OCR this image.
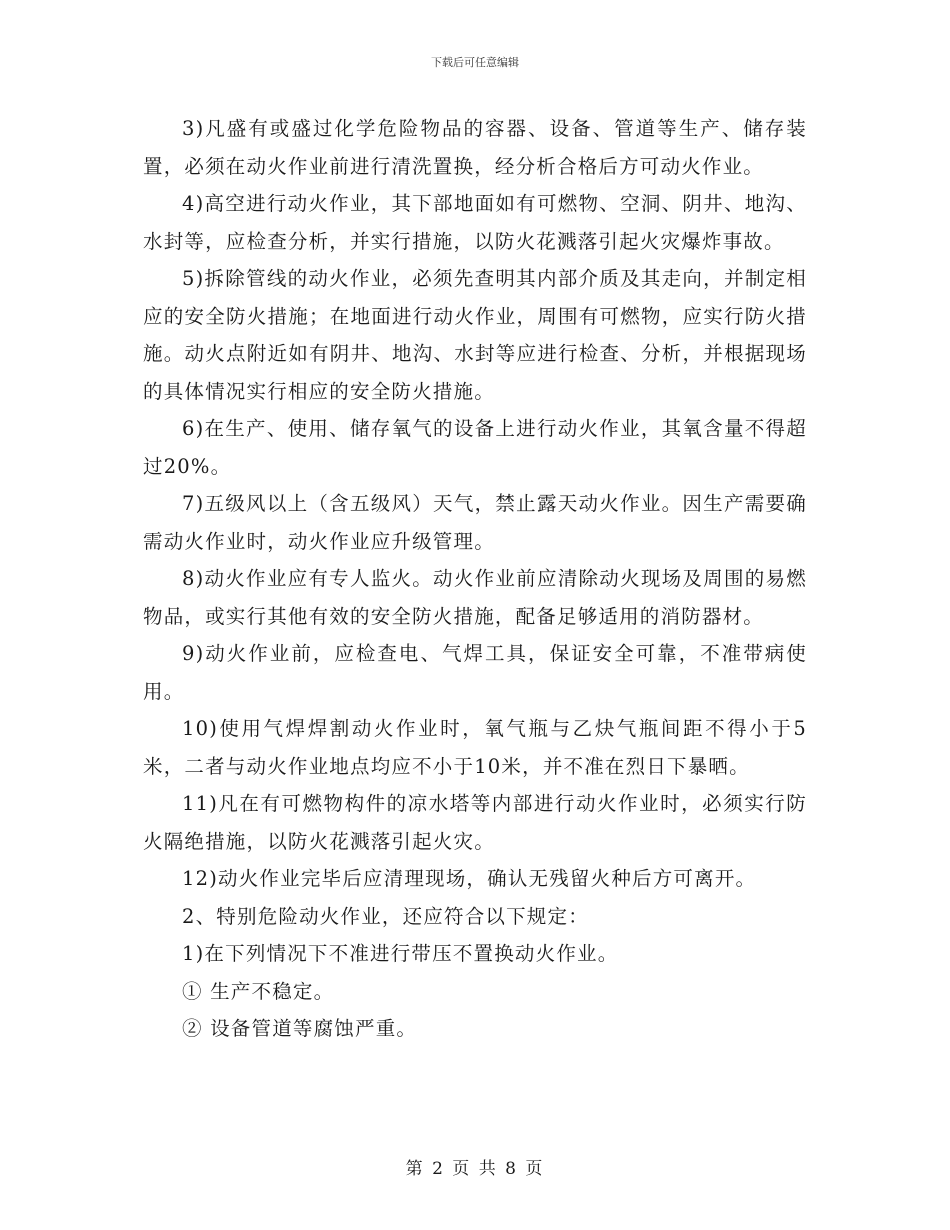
下载后可任意编辑

3)凡盛有或盛过化学危险物品的容器、设备、管道等生产、储存装置，必须在动火作业前进行清洗置换，经分析合格后方可动火作业。

4)高空进行动火作业，其下部地面如有可燃物、空洞、阴井、地沟、水封等，应检查分析，并实行措施，以防火花溅落引起火灾爆炸事故。

5)拆除管线的动火作业，必须先查明其内部介质及其走向，并制定相应的安全防火措施；在地面进行动火作业，周围有可燃物，应实行防火措施。动火点附近如有阴井、地沟、水封等应进行检查、分析，并根据现场的具体情况实行相应的安全防火措施。

6)在生产、使用、储存氧气的设备上进行动火作业，其氧含量不得超过20%。

7)五级风以上（含五级风）天气，禁止露天动火作业。因生产需要确需动火作业时，动火作业应升级管理。

8)动火作业应有专人监火。动火作业前应清除动火现场及周围的易燃物品，或实行其他有效的安全防火措施，配备足够适用的消防器材。

9)动火作业前，应检查电、气焊工具，保证安全可靠，不准带病使用。

10)使用气焊焊割动火作业时，氧气瓶与乙炔气瓶间距不得小于5米，二者与动火作业地点均应不小于10米，并不准在烈日下暴晒。

11)凡在有可燃物构件的凉水塔等内部进行动火作业时，必须实行防火隔绝措施，以防火花溅落引起火灾。

12)动火作业完毕后应清理现场，确认无残留火种后方可离开。

2、特别危险动火作业，还应符合以下规定：

1)在下列情况下不准进行带压不置换动火作业。

① 生产不稳定。

② 设备管道等腐蚀严重。

第 2 页 共 8 页
